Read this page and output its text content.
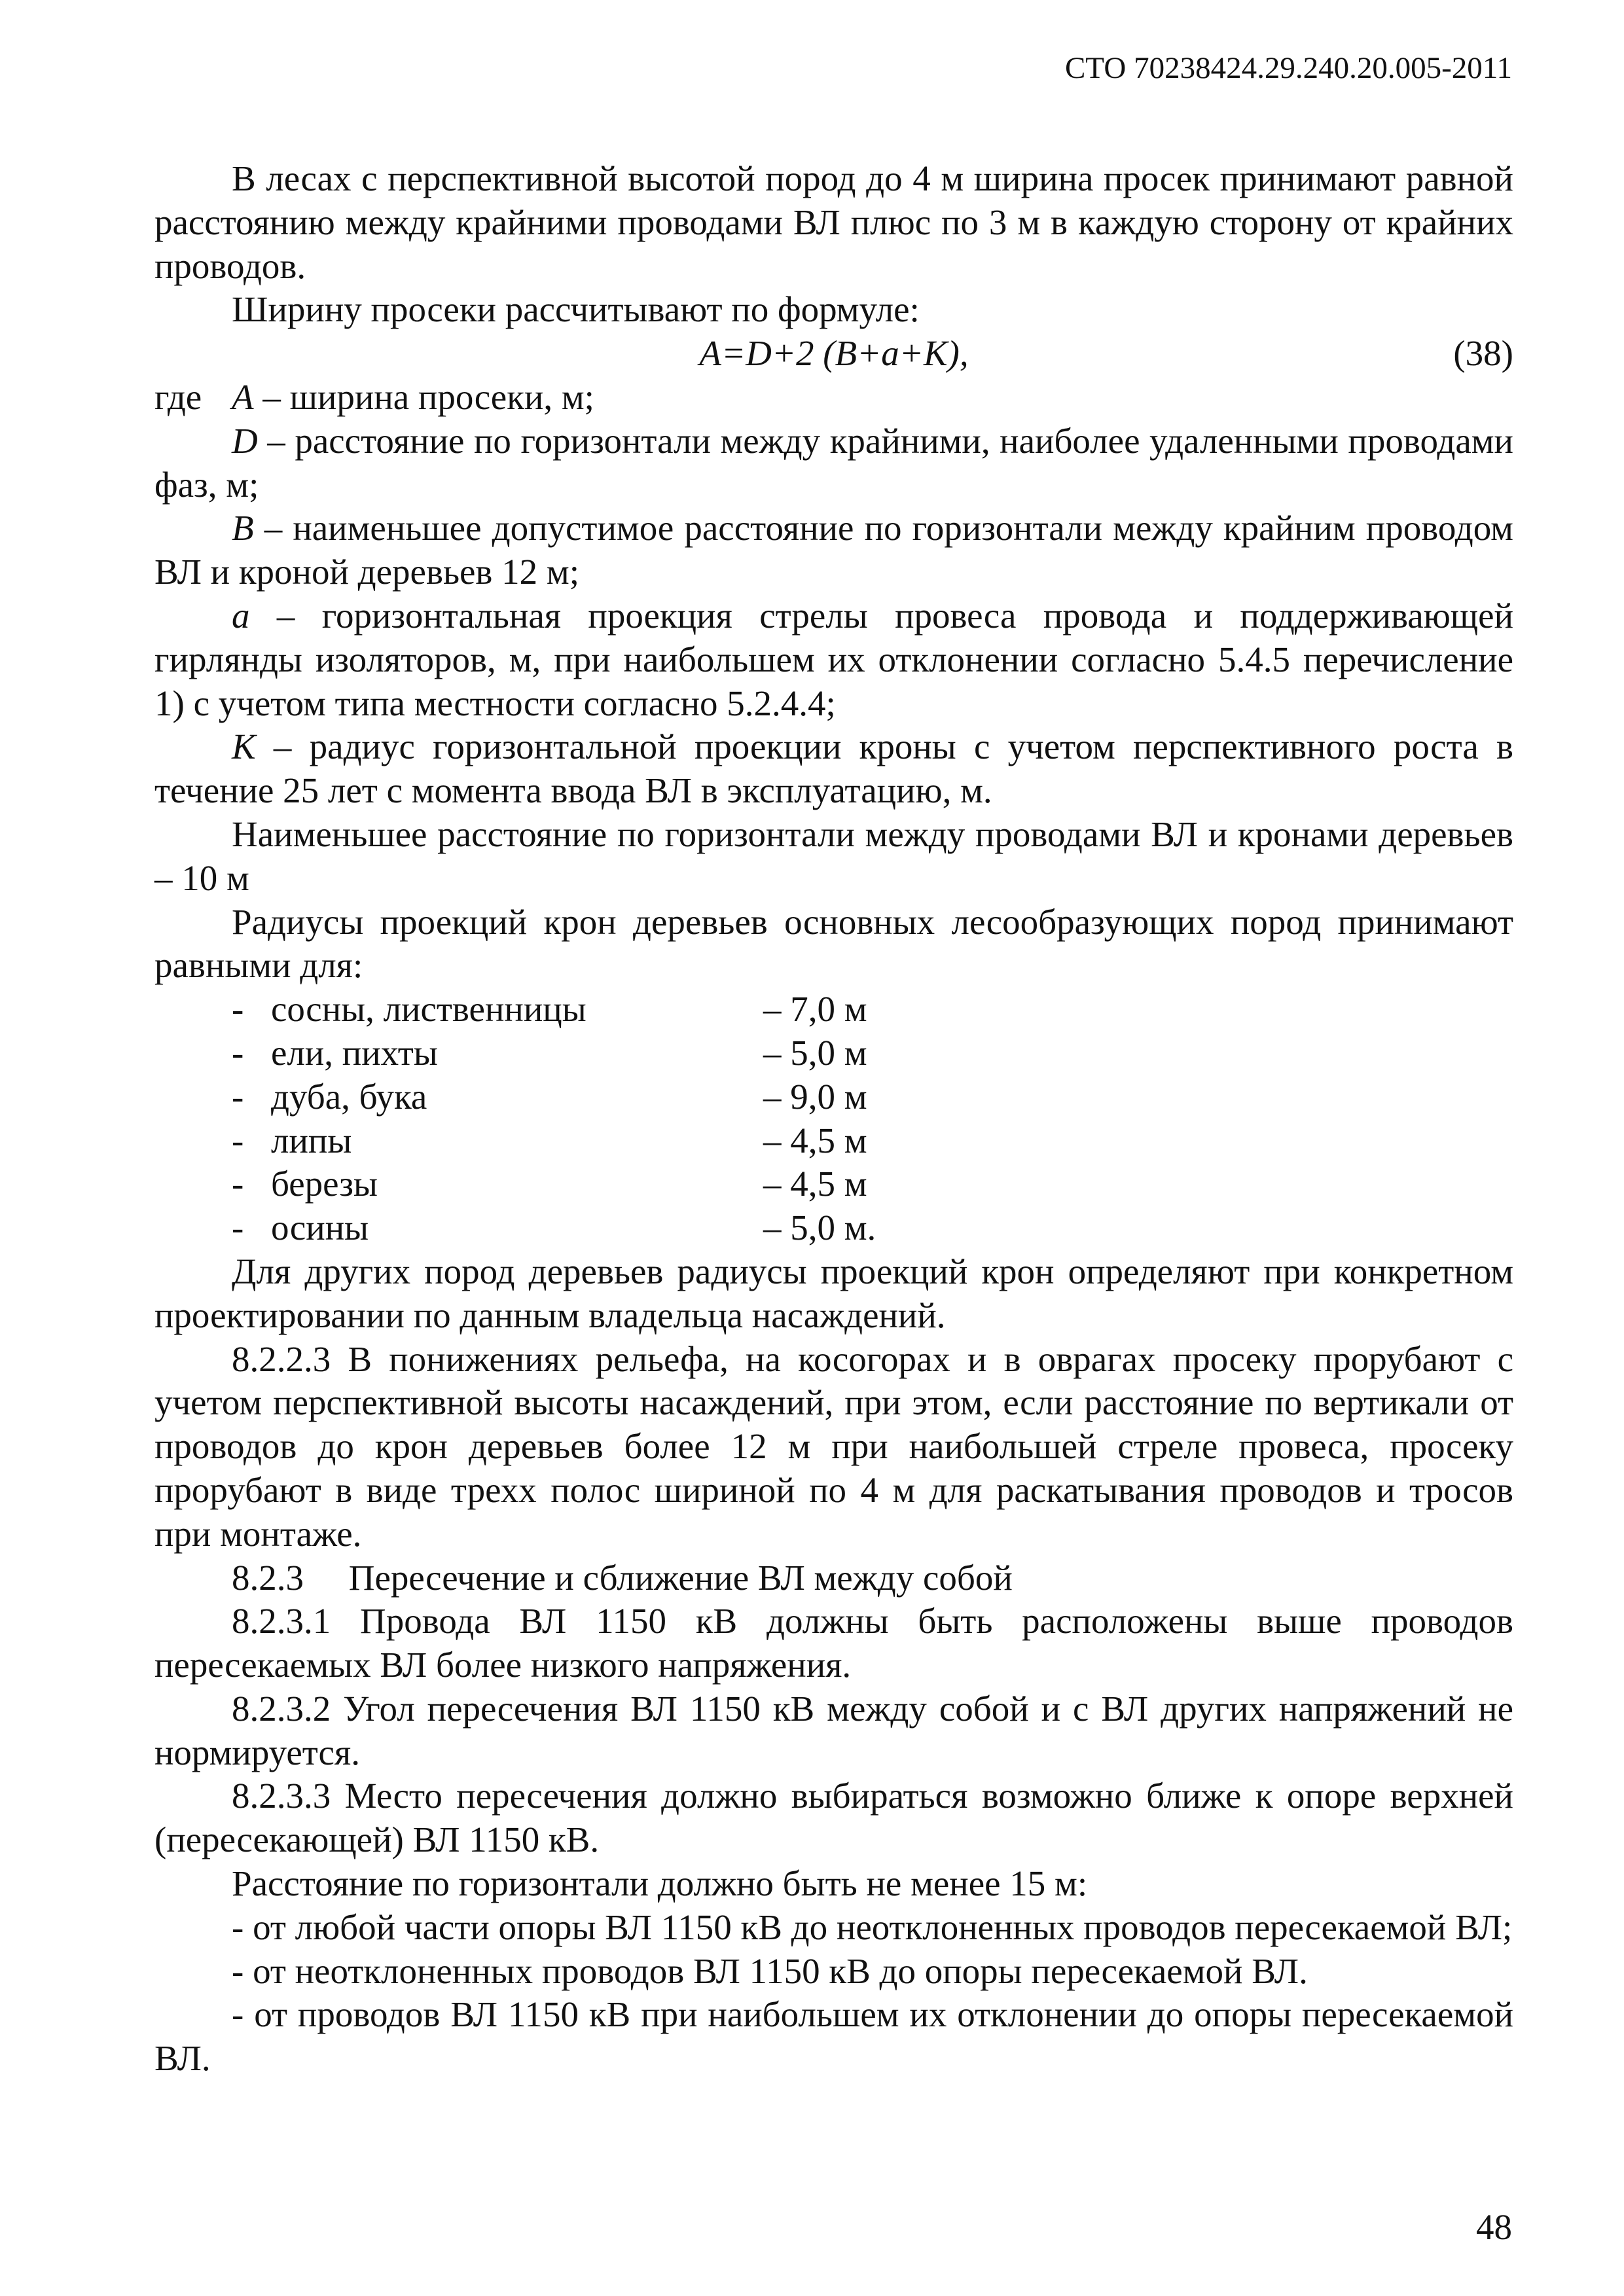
СТО 70238424.29.240.20.005-2011

В лесах с перспективной высотой пород до 4 м ширина просек принимают равной расстоянию между крайними проводами ВЛ плюс по 3 м в каждую сторону от крайних проводов.

Ширину просеки рассчитывают по формуле:

A=D+2 (B+a+K),	(38)
где A – ширина просеки, м;

D – расстояние по горизонтали между крайними, наиболее удаленными проводами фаз, м;

B – наименьшее допустимое расстояние по горизонтали между крайним проводом ВЛ и кроной деревьев 12 м;

a – горизонтальная проекция стрелы провеса провода и поддерживающей гирлянды изоляторов, м, при наибольшем их отклонении согласно 5.4.5 перечисление 1) с учетом типа местности согласно 5.2.4.4;

K – радиус горизонтальной проекции кроны с учетом перспективного роста в течение 25 лет с момента ввода ВЛ в эксплуатацию, м.

Наименьшее расстояние по горизонтали между проводами ВЛ и кронами деревьев – 10 м

Радиусы проекций крон деревьев основных лесообразующих пород принимают равными для:

- сосны, лиственницы	– 7,0 м
- ели, пихты	– 5,0 м
- дуба, бука	– 9,0 м
- липы	– 4,5 м
- березы	– 4,5 м
- осины	– 5,0 м.

Для других пород деревьев радиусы проекций крон определяют при конкретном проектировании по данным владельца насаждений.

8.2.2.3 В понижениях рельефа, на косогорах и в оврагах просеку прорубают с учетом перспективной высоты насаждений, при этом, если расстояние по вертикали от проводов до крон деревьев более 12 м при наибольшей стреле провеса, просеку прорубают в виде трехх полос шириной по 4 м для раскатывания проводов и тросов при монтаже.

8.2.3     Пересечение и сближение ВЛ между собой

8.2.3.1 Провода ВЛ 1150 кВ должны быть расположены выше проводов пересекаемых ВЛ более низкого напряжения.

8.2.3.2 Угол пересечения ВЛ 1150 кВ между собой и с ВЛ других напряжений не нормируется.

8.2.3.3 Место пересечения должно выбираться возможно ближе к опоре верхней (пересекающей) ВЛ 1150 кВ.

Расстояние по горизонтали должно быть не менее 15 м:

- от любой части опоры ВЛ 1150 кВ до неотклоненных проводов пересекаемой ВЛ;

- от неотклоненных проводов ВЛ 1150 кВ до опоры пересекаемой ВЛ.

- от проводов ВЛ 1150 кВ при наибольшем их отклонении до опоры пересекаемой ВЛ.

48
